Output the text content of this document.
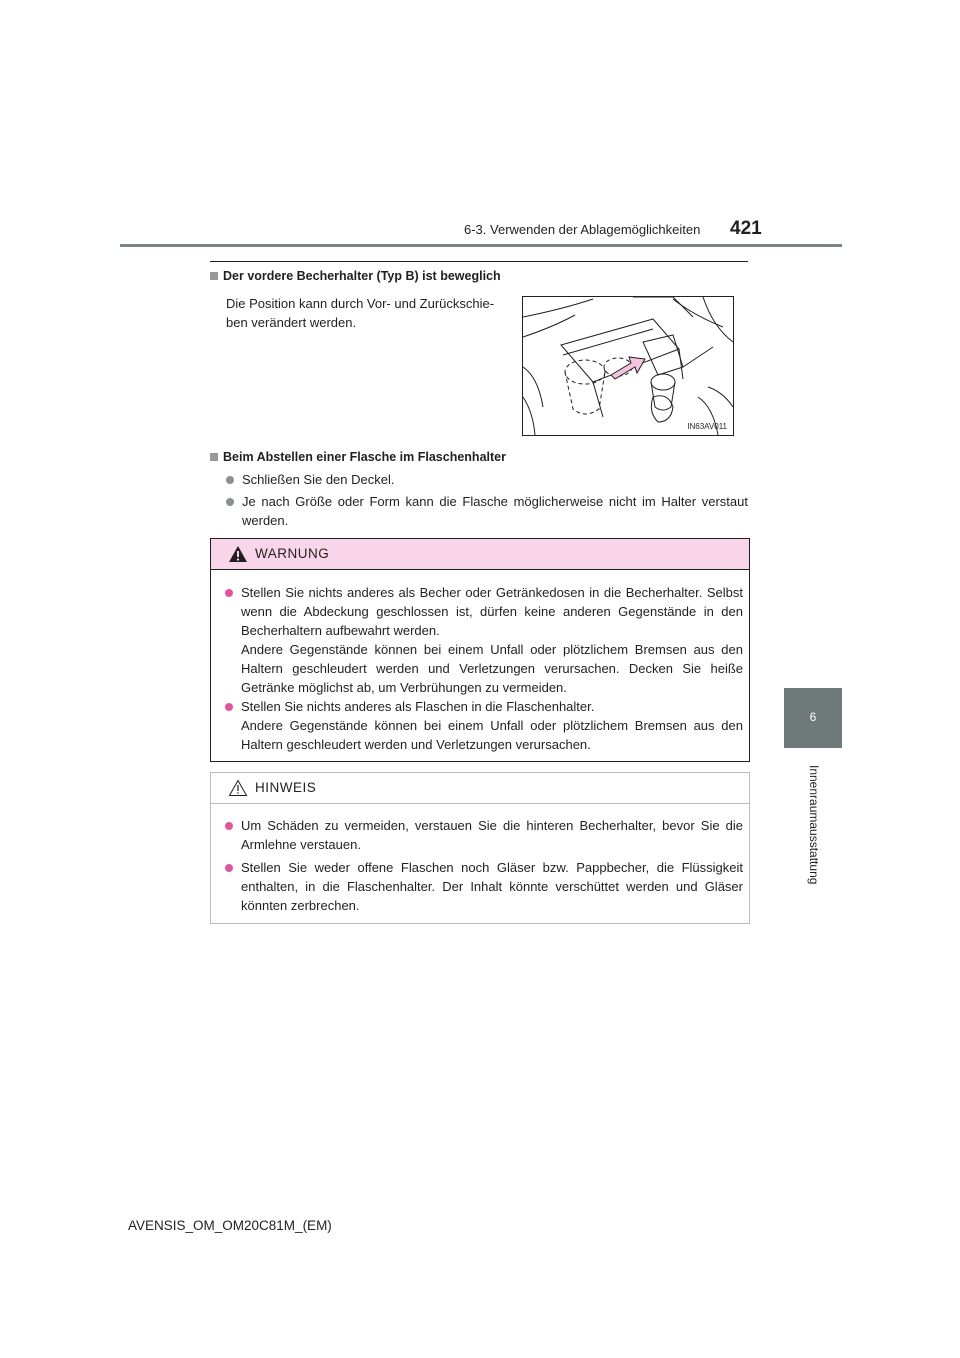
6-3. Verwenden der Ablagemöglichkeiten 421
6
Innenraumausstattung
Der vordere Becherhalter (Typ B) ist beweglich
Die Position kann durch Vor- und Zurückschie-ben verändert werden.
IN63AV011
Beim Abstellen einer Flasche im Flaschenhalter
Schließen Sie den Deckel.
Je nach Größe oder Form kann die Flasche möglicherweise nicht im Halter verstaut werden.
WARNUNG
Stellen Sie nichts anderes als Becher oder Getränkedosen in die Becherhalter. Selbst wenn die Abdeckung geschlossen ist, dürfen keine anderen Gegenstände in den Becherhaltern aufbewahrt werden.
Andere Gegenstände können bei einem Unfall oder plötzlichem Bremsen aus den Haltern geschleudert werden und Verletzungen verursachen. Decken Sie heiße Getränke möglichst ab, um Verbrühungen zu vermeiden.
Stellen Sie nichts anderes als Flaschen in die Flaschenhalter.
Andere Gegenstände können bei einem Unfall oder plötzlichem Bremsen aus den Haltern geschleudert werden und Verletzungen verursachen.
HINWEIS
Um Schäden zu vermeiden, verstauen Sie die hinteren Becherhalter, bevor Sie die Armlehne verstauen.
Stellen Sie weder offene Flaschen noch Gläser bzw. Pappbecher, die Flüssigkeit enthalten, in die Flaschenhalter. Der Inhalt könnte verschüttet werden und Gläser könnten zerbrechen.
AVENSIS_OM_OM20C81M_(EM)
